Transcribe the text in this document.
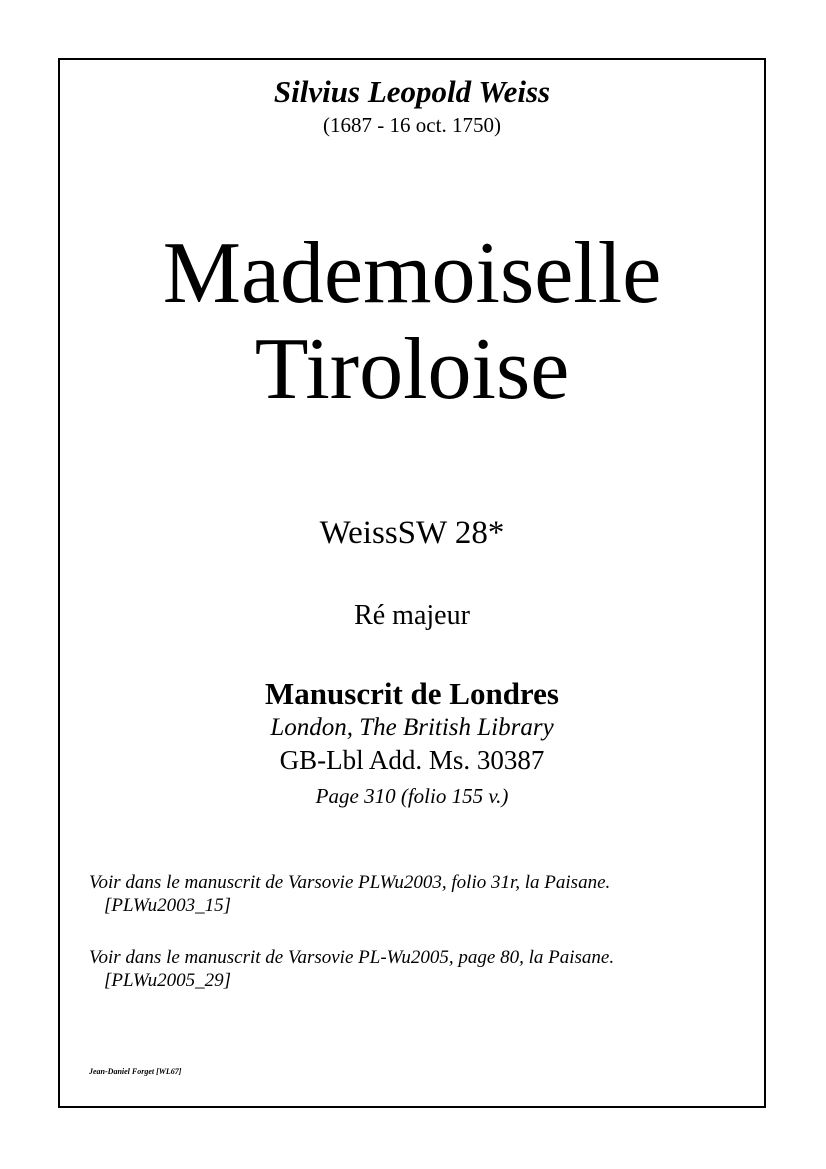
Silvius Leopold Weiss
(1687 - 16 oct. 1750)
Mademoiselle
Tiroloise
WeissSW 28*
Ré majeur
Manuscrit de Londres
London, The British Library
GB-Lbl Add. Ms. 30387
Page 310 (folio 155 v.)
Voir dans le manuscrit de Varsovie PLWu2003, folio 31r, la Paisane.
[PLWu2003_15]
Voir dans le manuscrit de Varsovie PL-Wu2005, page 80, la Paisane.
[PLWu2005_29]
Jean-Daniel Forget [WL67]
